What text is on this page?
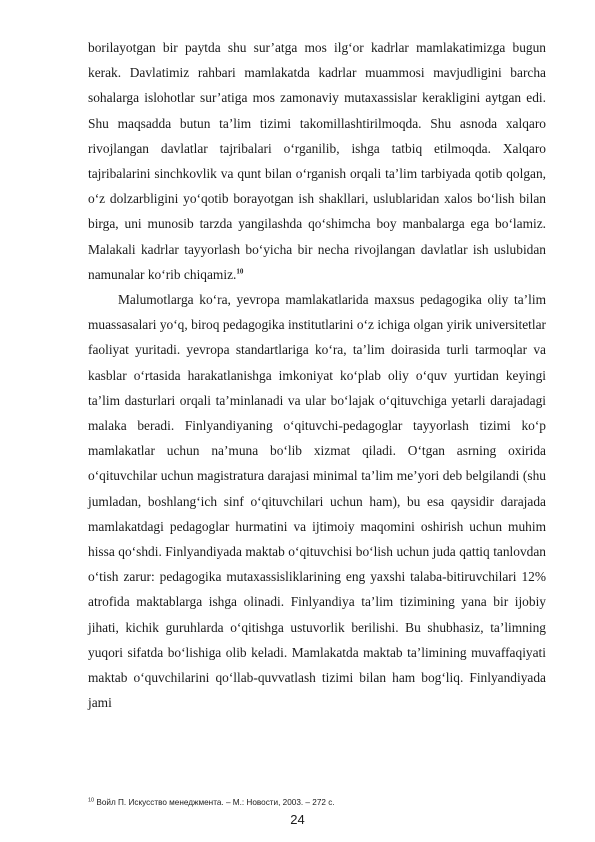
borilayotgan bir paytda shu sur’atga mos ilg‘or kadrlar mamlakatimizga bugun kerak. Davlatimiz rahbari mamlakatda kadrlar muammosi mavjudligini barcha sohalarga islohotlar sur’atiga mos zamonaviy mutaxassislar kerakligini aytgan edi. Shu maqsadda butun ta’lim tizimi takomillashtirilmoqda. Shu asnoda xalqaro rivojlangan davlatlar tajribalari o‘rganilib, ishga tatbiq etilmoqda. Xalqaro tajribalarini sinchkovlik va qunt bilan o‘rganish orqali ta’lim tarbiyada qotib qolgan, o‘z dolzarbligini yo‘qotib borayotgan ish shakllari, uslublaridan xalos bo‘lish bilan birga, uni munosib tarzda yangilashda qo‘shimcha boy manbalarga ega bo‘lamiz. Malakali kadrlar tayyorlash bo‘yicha bir necha rivojlangan davlatlar ish uslubidan namunalar ko‘rib chiqamiz.$^{10}$

Malumotlarga ko‘ra, yevropa mamlakatlarida maxsus pedagogika oliy ta’lim muassasalari yo‘q, biroq pedagogika institutlarini o‘z ichiga olgan yirik universitetlar faoliyat yuritadi. yevropa standartlariga ko‘ra, ta’lim doirasida turli tarmoqlar va kasblar o‘rtasida harakatlanishga imkoniyat ko‘plab oliy o‘quv yurtidan keyingi ta’lim dasturlari orqali ta’minlanadi va ular bo‘lajak o‘qituvchiga yetarli darajadagi malaka beradi. Finlyandiyaning o‘qituvchi-pedagoglar tayyorlash tizimi ko‘p mamlakatlar uchun na’muna bo‘lib xizmat qiladi. O‘tgan asrning oxirida o‘qituvchilar uchun magistratura darajasi minimal ta’lim me’yori deb belgilandi (shu jumladan, boshlang‘ich sinf o‘qituvchilari uchun ham), bu esa qaysidir darajada mamlakatdagi pedagoglar hurmatini va ijtimoiy maqomini oshirish uchun muhim hissa qo‘shdi. Finlyandiyada maktab o‘qituvchisi bo‘lish uchun juda qattiq tanlovdan o‘tish zarur: pedagogika mutaxassisliklarining eng yaxshi talaba-bitiruvchilari 12% atrofida maktablarga ishga olinadi. Finlyandiya ta’lim tizimining yana bir ijobiy jihati, kichik guruhlarda o‘qitishga ustuvorlik berilishi. Bu shubhasiz, ta’limning yuqori sifatda bo‘lishiga olib keladi. Mamlakatda maktab ta’limining muvaffaqiyati maktab o‘quvchilarini qo‘llab-quvvatlash tizimi bilan ham bog‘liq. Finlyandiyada jami

$^{10}$ Войл П. Искусство менеджмента. – М.: Новости, 2003. – 272 с.
24
